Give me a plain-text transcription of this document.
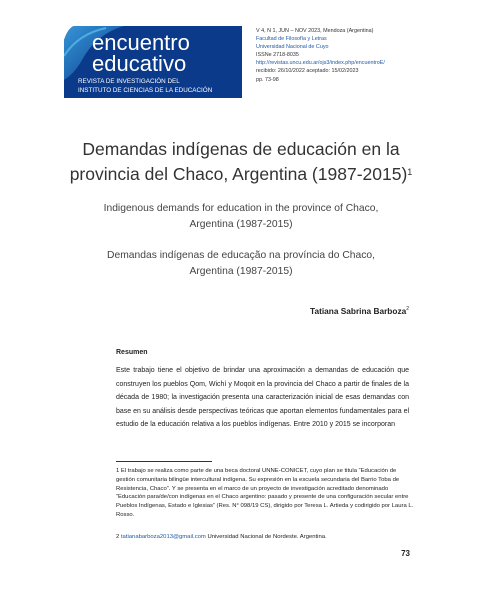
encuentro
educativo
REVISTA DE INVESTIGACIÓN DEL
INSTITUTO DE CIENCIAS DE LA EDUCACIÓN
V 4, N 1, JUN – NOV 2023, Mendoza (Argentina)
Facultad de Filosofía y Letras
Universidad Nacional de Cuyo
ISSNe 2718-8035
http://revistas.uncu.edu.ar/ojs3/index.php/encuentroE/
recibido: 26/10/2022 aceptado: 15/02/2023
pp. 73-98
Demandas indígenas de educación en la
provincia del Chaco, Argentina (1987-2015)$^1$
Indigenous demands for education in the province of Chaco,
Argentina (1987-2015)
Demandas indígenas de educação na província do Chaco,
Argentina (1987-2015)
Tatiana Sabrina Barboza$^2$
Resumen
Este trabajo tiene el objetivo de brindar una aproximación a demandas de educación que construyen los pueblos Qom, Wichí y Moqoit en la provincia del Chaco a partir de finales de la década de 1980; la investigación presenta una caracterización inicial de esas demandas con base en su análisis desde perspectivas teóricas que aportan elementos fundamentales para el estudio de la educación relativa a los pueblos indígenas. Entre 2010 y 2015 se incorporan
1 El trabajo se realiza como parte de una beca doctoral UNNE-CONICET, cuyo plan se titula “Educación de gestión comunitaria bilingüe intercultural indígena. Su expresión en la escuela secundaria del Barrio Toba de Resistencia, Chaco”. Y se presenta en el marco de un proyecto de investigación acreditado denominado “Educación para/de/con indígenas en el Chaco argentino: pasado y presente de una configuración secular entre Pueblos Indígenas, Estado e Iglesias” (Res. N° 098/19 CS), dirigido por Teresa L. Artieda y codirigido por Laura L. Rosso.
2 tatianabarboza2013@gmail.com Universidad Nacional de Nordeste. Argentina.
73
